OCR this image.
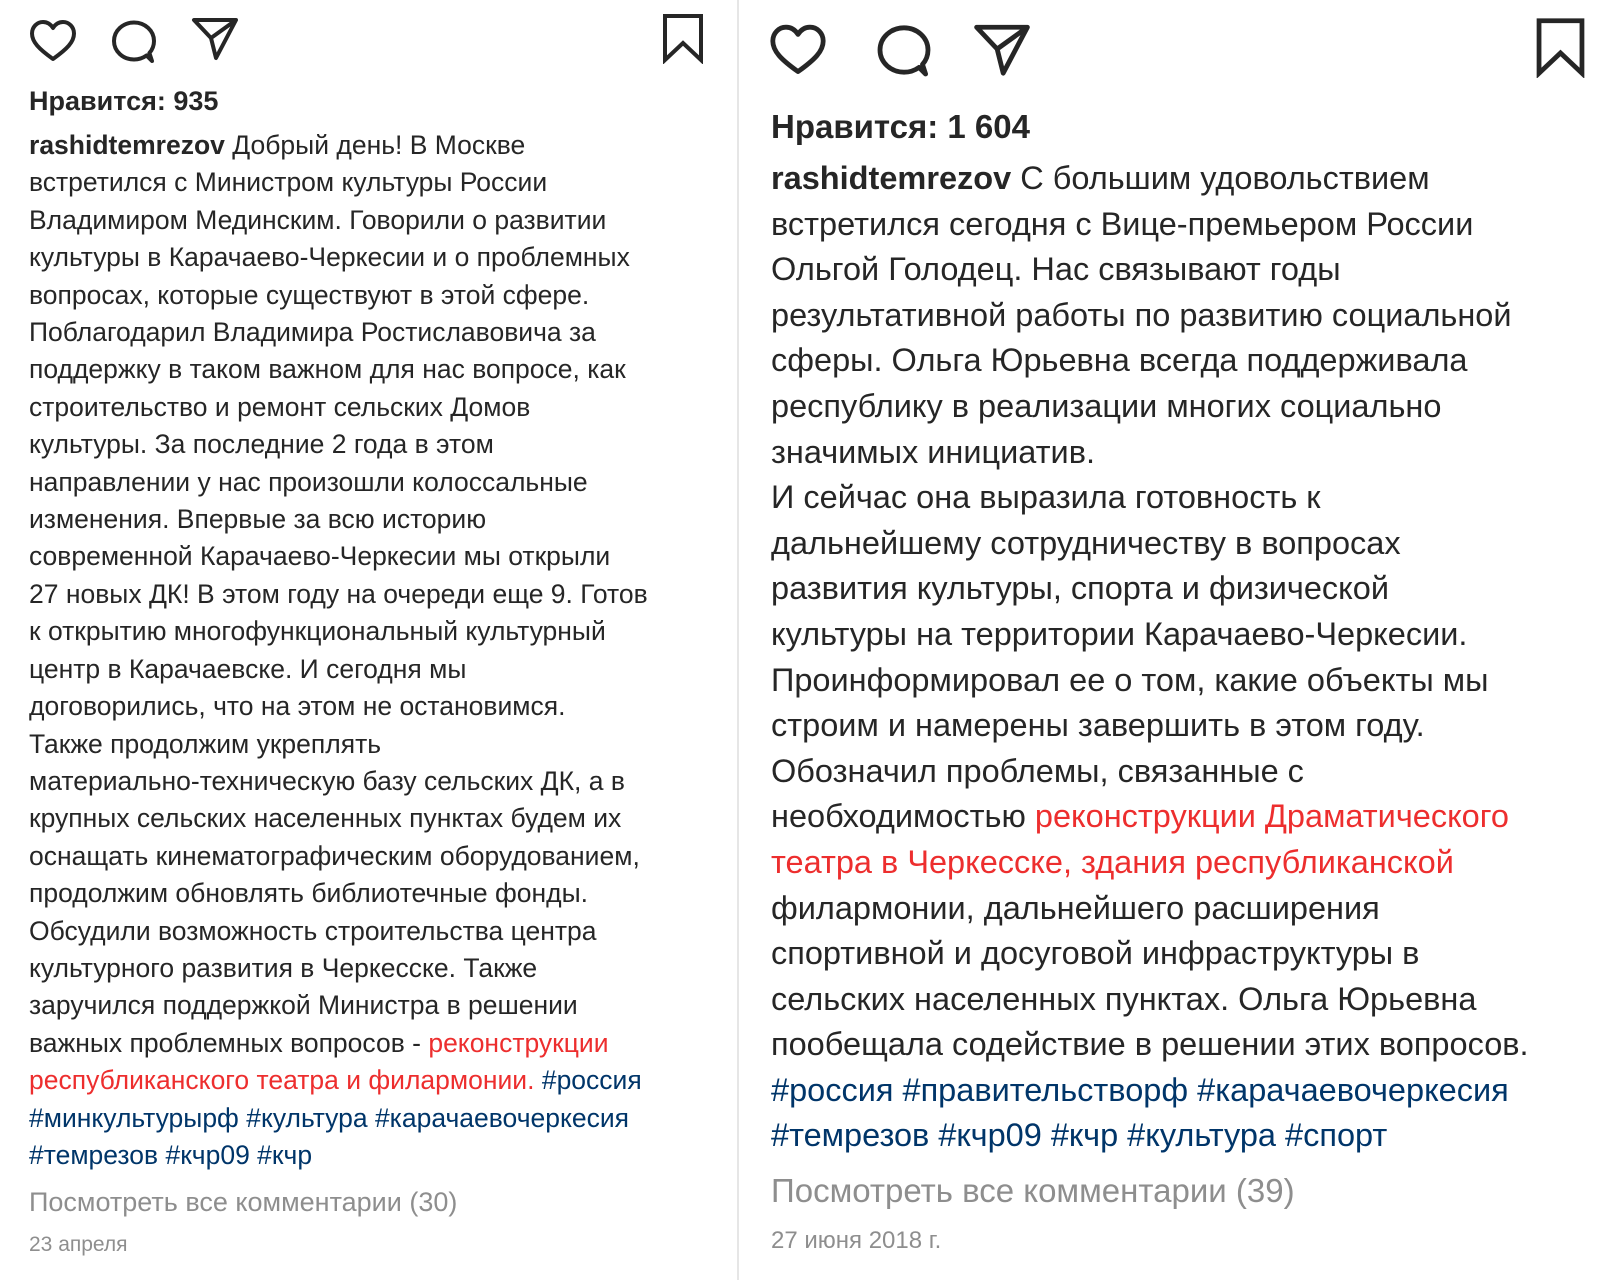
Нравится: 935

rashidtemrezov Добрый день! В Москве
встретился с Министром культуры России
Владимиром Мединским. Говорили о развитии
культуры в Карачаево-Черкесии и о проблемных
вопросах, которые существуют в этой сфере.
Поблагодарил Владимира Ростиславовича за
поддержку в таком важном для нас вопросе, как
строительство и ремонт сельских Домов
культуры. За последние 2 года в этом
направлении у нас произошли колоссальные
изменения. Впервые за всю историю
современной Карачаево-Черкесии мы открыли
27 новых ДК! В этом году на очереди еще 9. Готов
к открытию многофункциональный культурный
центр в Карачаевске. И сегодня мы
договорились, что на этом не остановимся.
Также продолжим укреплять
материально-техническую базу сельских ДК, а в
крупных сельских населенных пунктах будем их
оснащать кинематографическим оборудованием,
продолжим обновлять библиотечные фонды.
Обсудили возможность строительства центра
культурного развития в Черкесске. Также
заручился поддержкой Министра в решении
важных проблемных вопросов - реконструкции
республиканского театра и филармонии. #россия
#минкультурырф #культура #карачаевочеркесия
#темрезов #кчр09 #кчр

Посмотреть все комментарии (30)
23 апреля
Нравится: 1 604

rashidtemrezov С большим удовольствием
встретился сегодня с Вице-премьером России
Ольгой Голодец. Нас связывают годы
результативной работы по развитию социальной
сферы. Ольга Юрьевна всегда поддерживала
республику в реализации многих социально
значимых инициатив.
И сейчас она выразила готовность к
дальнейшему сотрудничеству в вопросах
развития культуры, спорта и физической
культуры на территории Карачаево-Черкесии.
Проинформировал ее о том, какие объекты мы
строим и намерены завершить в этом году.
Обозначил проблемы, связанные с
необходимостью реконструкции Драматического
театра в Черкесске, здания республиканской
филармонии, дальнейшего расширения
спортивной и досуговой инфраструктуры в
сельских населенных пунктах. Ольга Юрьевна
пообещала содействие в решении этих вопросов.
#россия #правительстворф #карачаевочеркесия
#темрезов #кчр09 #кчр #культура #спорт

Посмотреть все комментарии (39)
27 июня 2018 г.
